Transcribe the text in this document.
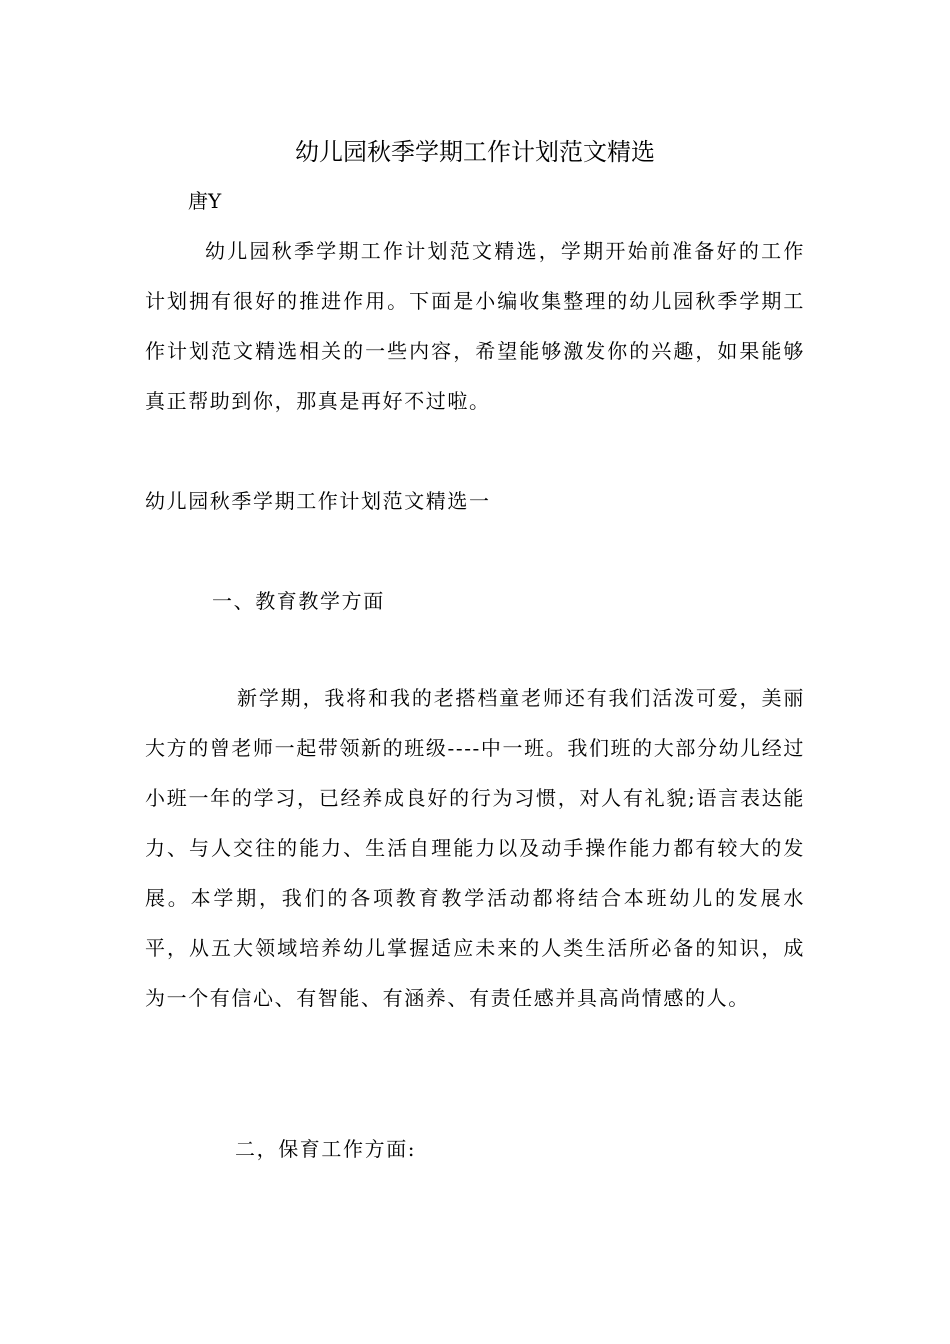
幼儿园秋季学期工作计划范文精选
唐Y

幼儿园秋季学期工作计划范文精选，学期开始前准备好的工作计划拥有很好的推进作用。下面是小编收集整理的幼儿园秋季学期工作计划范文精选相关的一些内容，希望能够激发你的兴趣，如果能够真正帮助到你，那真是再好不过啦。

幼儿园秋季学期工作计划范文精选一
一、教育教学方面

新学期，我将和我的老搭档童老师还有我们活泼可爱，美丽大方的曾老师一起带领新的班级----中一班。我们班的大部分幼儿经过小班一年的学习，已经养成良好的行为习惯，对人有礼貌;语言表达能力、与人交往的能力、生活自理能力以及动手操作能力都有较大的发展。本学期，我们的各项教育教学活动都将结合本班幼儿的发展水平，从五大领域培养幼儿掌握适应未来的人类生活所必备的知识，成为一个有信心、有智能、有涵养、有责任感并具高尚情感的人。

二，保育工作方面:
